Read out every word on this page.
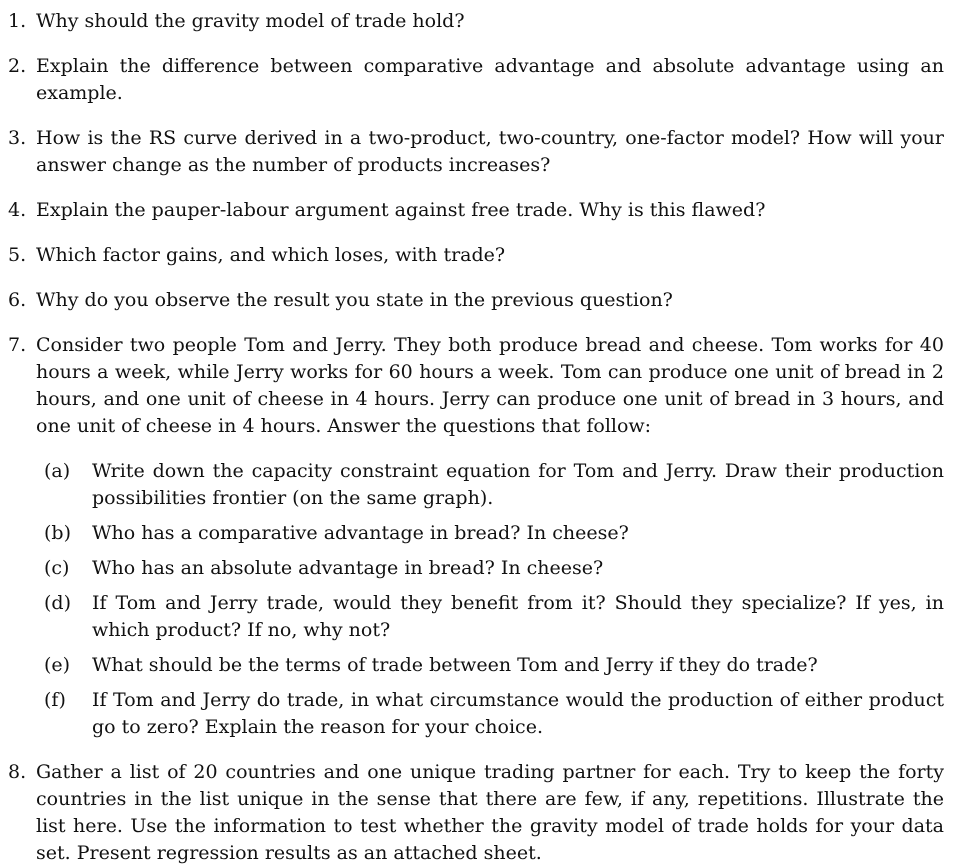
1. Why should the gravity model of trade hold?
2. Explain the difference between comparative advantage and absolute advantage using an example.
3. How is the RS curve derived in a two-product, two-country, one-factor model? How will your answer change as the number of products increases?
4. Explain the pauper-labour argument against free trade. Why is this flawed?
5. Which factor gains, and which loses, with trade?
6. Why do you observe the result you state in the previous question?
7. Consider two people Tom and Jerry. They both produce bread and cheese. Tom works for 40 hours a week, while Jerry works for 60 hours a week. Tom can produce one unit of bread in 2 hours, and one unit of cheese in 4 hours. Jerry can produce one unit of bread in 3 hours, and one unit of cheese in 4 hours. Answer the questions that follow:
(a) Write down the capacity constraint equation for Tom and Jerry. Draw their production possibilities frontier (on the same graph).
(b) Who has a comparative advantage in bread? In cheese?
(c) Who has an absolute advantage in bread? In cheese?
(d) If Tom and Jerry trade, would they benefit from it? Should they specialize? If yes, in which product? If no, why not?
(e) What should be the terms of trade between Tom and Jerry if they do trade?
(f) If Tom and Jerry do trade, in what circumstance would the production of either product go to zero? Explain the reason for your choice.
8. Gather a list of 20 countries and one unique trading partner for each. Try to keep the forty countries in the list unique in the sense that there are few, if any, repetitions. Illustrate the list here. Use the information to test whether the gravity model of trade holds for your data set. Present regression results as an attached sheet.
